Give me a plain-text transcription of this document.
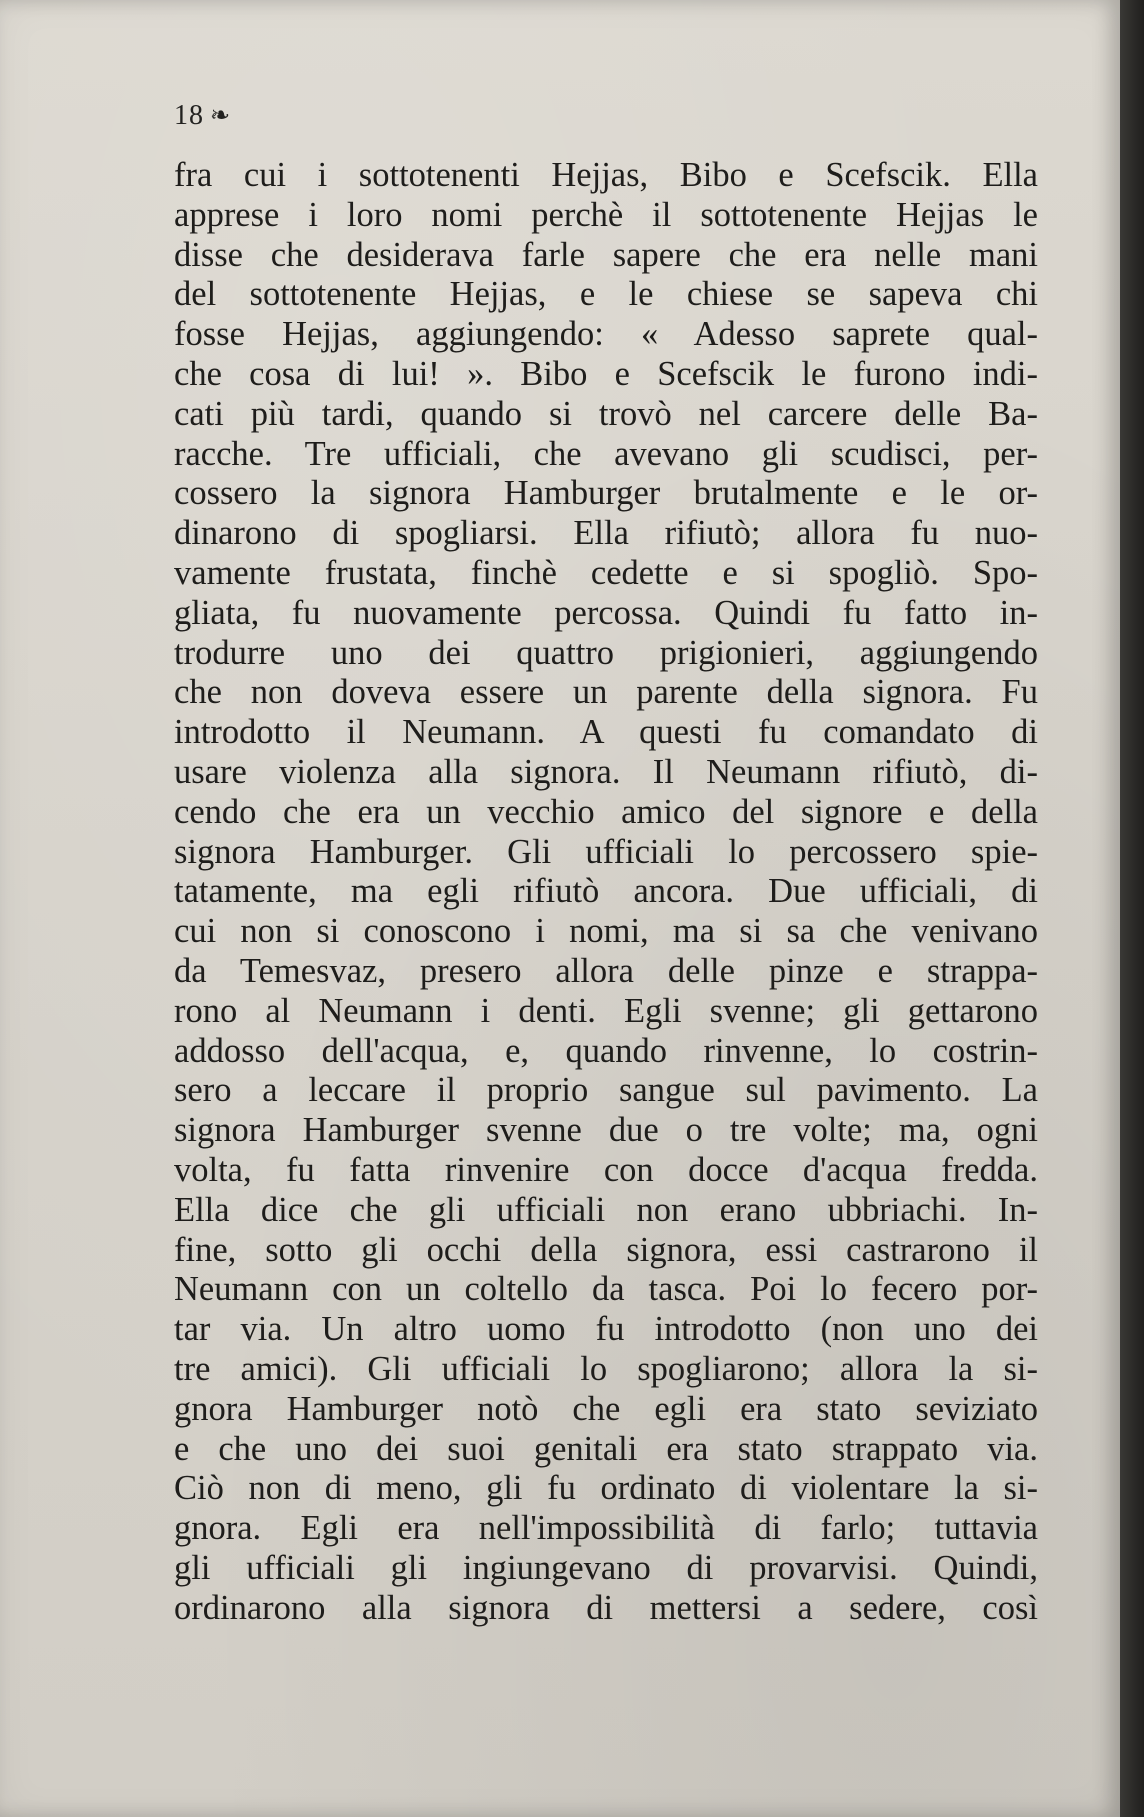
18 ❧
fra cui i sottotenenti Hejjas, Bibo e Scefscik. Ella
apprese i loro nomi perchè il sottotenente Hejjas le
disse che desiderava farle sapere che era nelle mani
del sottotenente Hejjas, e le chiese se sapeva chi
fosse Hejjas, aggiungendo: « Adesso saprete qual-
che cosa di lui! ». Bibo e Scefscik le furono indi-
cati più tardi, quando si trovò nel carcere delle Ba-
racche. Tre ufficiali, che avevano gli scudisci, per-
cossero la signora Hamburger brutalmente e le or-
dinarono di spogliarsi. Ella rifiutò; allora fu nuo-
vamente frustata, finchè cedette e si spogliò. Spo-
gliata, fu nuovamente percossa. Quindi fu fatto in-
trodurre uno dei quattro prigionieri, aggiungendo
che non doveva essere un parente della signora. Fu
introdotto il Neumann. A questi fu comandato di
usare violenza alla signora. Il Neumann rifiutò, di-
cendo che era un vecchio amico del signore e della
signora Hamburger. Gli ufficiali lo percossero spie-
tatamente, ma egli rifiutò ancora. Due ufficiali, di
cui non si conoscono i nomi, ma si sa che venivano
da Temesvaz, presero allora delle pinze e strappa-
rono al Neumann i denti. Egli svenne; gli gettarono
addosso dell'acqua, e, quando rinvenne, lo costrin-
sero a leccare il proprio sangue sul pavimento. La
signora Hamburger svenne due o tre volte; ma, ogni
volta, fu fatta rinvenire con docce d'acqua fredda.
Ella dice che gli ufficiali non erano ubbriachi. In-
fine, sotto gli occhi della signora, essi castrarono il
Neumann con un coltello da tasca. Poi lo fecero por-
tar via. Un altro uomo fu introdotto (non uno dei
tre amici). Gli ufficiali lo spogliarono; allora la si-
gnora Hamburger notò che egli era stato seviziato
e che uno dei suoi genitali era stato strappato via.
Ciò non di meno, gli fu ordinato di violentare la si-
gnora. Egli era nell'impossibilità di farlo; tuttavia
gli ufficiali gli ingiungevano di provarvisi. Quindi,
ordinarono alla signora di mettersi a sedere, così
